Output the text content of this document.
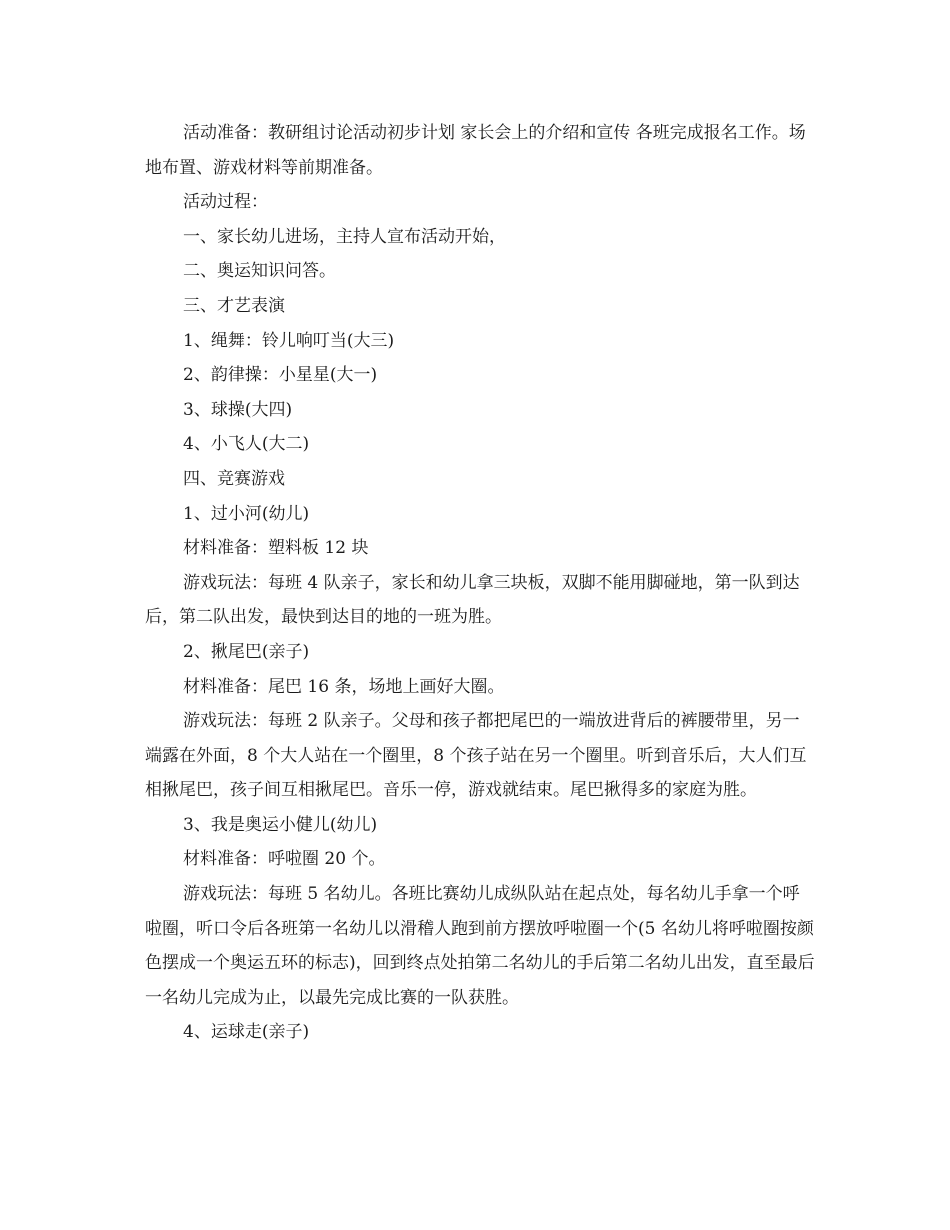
活动准备：教研组讨论活动初步计划 家长会上的介绍和宣传 各班完成报名工作。场地布置、游戏材料等前期准备。

活动过程：

一、家长幼儿进场，主持人宣布活动开始，

二、奥运知识问答。

三、才艺表演

1、绳舞：铃儿响叮当(大三)

2、韵律操：小星星(大一)

3、球操(大四)

4、小飞人(大二)

四、竞赛游戏

1、过小河(幼儿)

材料准备：塑料板 12 块

游戏玩法：每班 4 队亲子，家长和幼儿拿三块板，双脚不能用脚碰地，第一队到达后，第二队出发，最快到达目的地的一班为胜。

2、揪尾巴(亲子)

材料准备：尾巴 16 条，场地上画好大圈。

游戏玩法：每班 2 队亲子。父母和孩子都把尾巴的一端放进背后的裤腰带里，另一端露在外面，8 个大人站在一个圈里，8 个孩子站在另一个圈里。听到音乐后，大人们互相揪尾巴，孩子间互相揪尾巴。音乐一停，游戏就结束。尾巴揪得多的家庭为胜。

3、我是奥运小健儿(幼儿)

材料准备：呼啦圈 20 个。

游戏玩法：每班 5 名幼儿。各班比赛幼儿成纵队站在起点处，每名幼儿手拿一个呼啦圈，听口令后各班第一名幼儿以滑稽人跑到前方摆放呼啦圈一个(5 名幼儿将呼啦圈按颜色摆成一个奥运五环的标志)，回到终点处拍第二名幼儿的手后第二名幼儿出发，直至最后一名幼儿完成为止，以最先完成比赛的一队获胜。

4、运球走(亲子)
